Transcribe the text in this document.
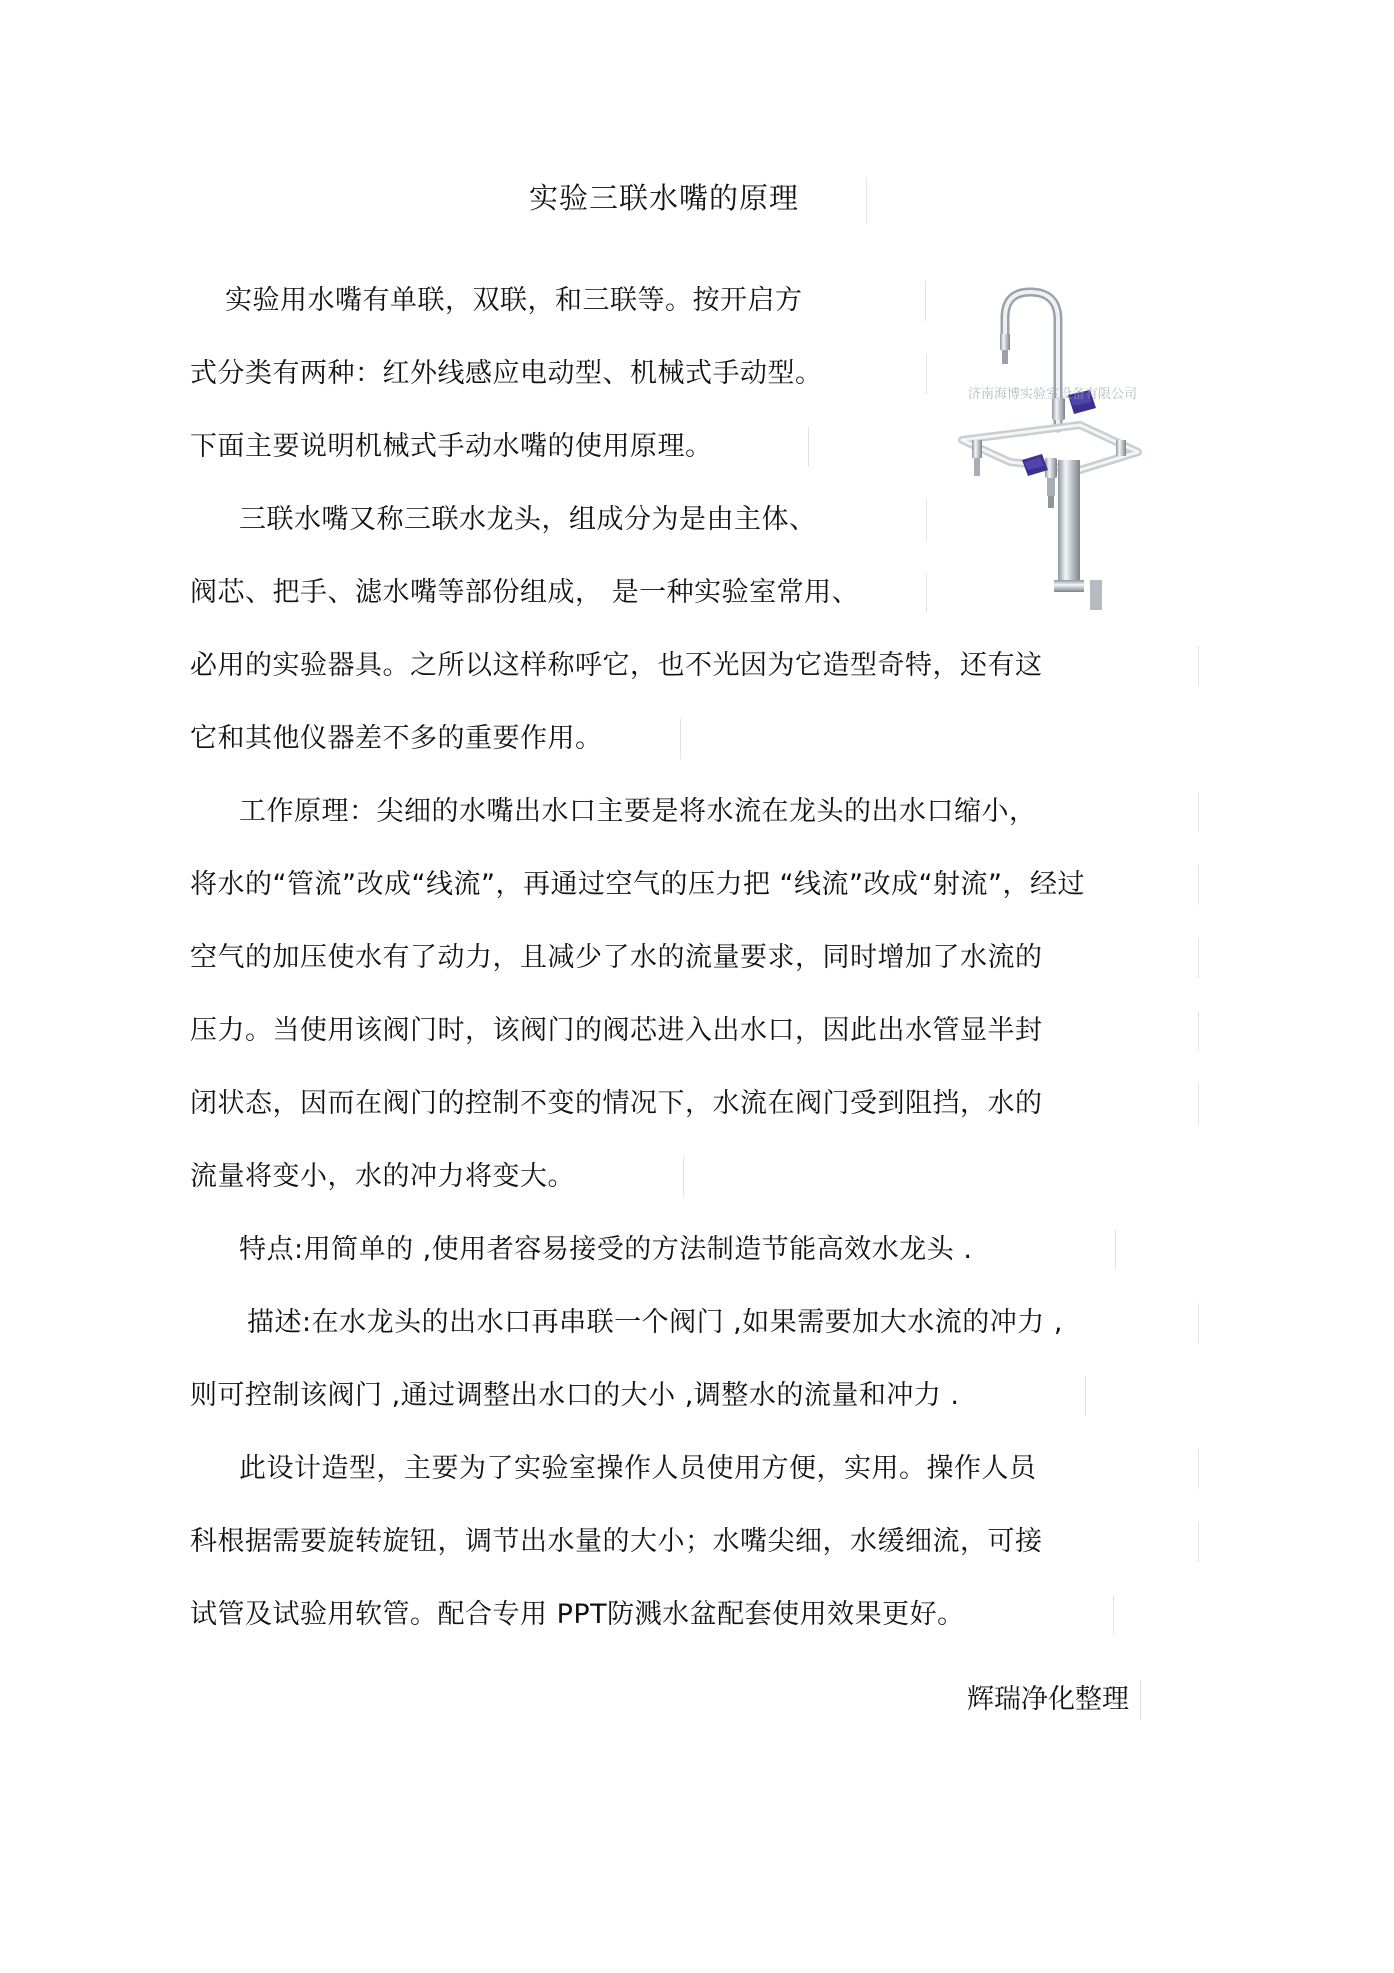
实验三联水嘴的原理
实验用水嘴有单联，双联，和三联等。按开启方
式分类有两种：红外线感应电动型、机械式手动型。
下面主要说明机械式手动水嘴的使用原理。
三联水嘴又称三联水龙头，组成分为是由主体、
阀芯、把手、滤水嘴等部份组成， 是一种实验室常用、
必用的实验器具。之所以这样称呼它，也不光因为它造型奇特，还有这
它和其他仪器差不多的重要作用。
工作原理：尖细的水嘴出水口主要是将水流在龙头的出水口缩小，
将水的“管流”改成“线流”，再通过空气的压力把 “线流”改成“射流”，经过
空气的加压使水有了动力，且减少了水的流量要求，同时增加了水流的
压力。当使用该阀门时，该阀门的阀芯进入出水口，因此出水管显半封
闭状态，因而在阀门的控制不变的情况下，水流在阀门受到阻挡，水的
流量将变小，水的冲力将变大。
特点:用简单的 ,使用者容易接受的方法制造节能高效水龙头 .
描述:在水龙头的出水口再串联一个阀门 ,如果需要加大水流的冲力 ,
则可控制该阀门 ,通过调整出水口的大小 ,调整水的流量和冲力 .
此设计造型，主要为了实验室操作人员使用方便，实用。操作人员
科根据需要旋转旋钮，调节出水量的大小；水嘴尖细，水缓细流，可接
试管及试验用软管。配合专用 PPT防溅水盆配套使用效果更好。
辉瑞净化整理
济南海博实验室设备有限公司
